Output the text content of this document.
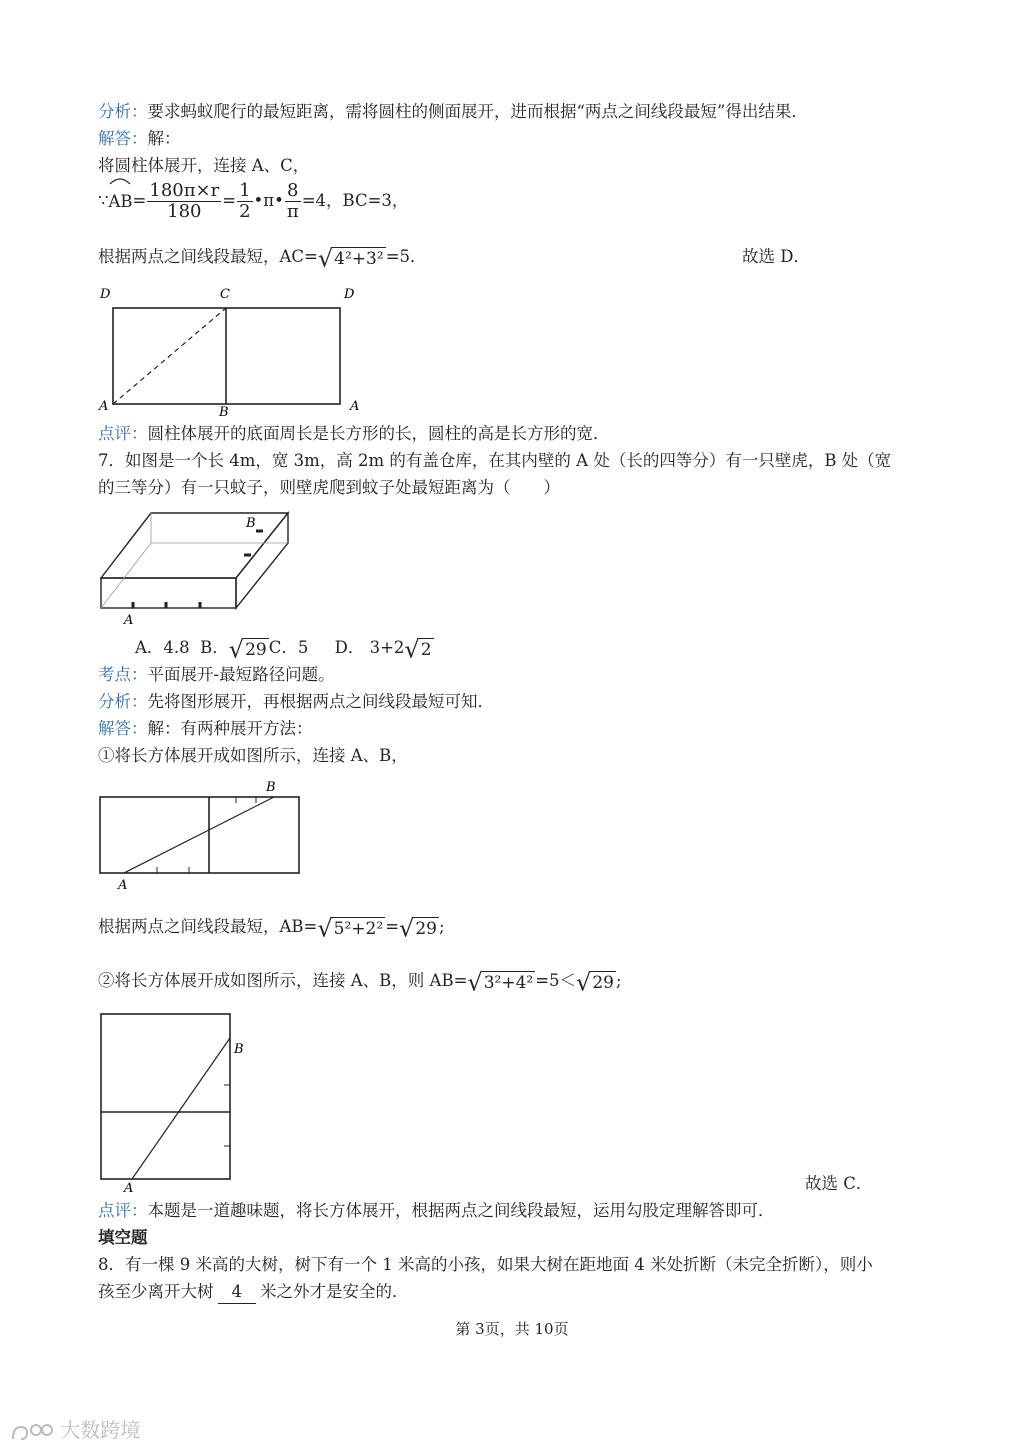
分析：要求蚂蚁爬行的最短距离，需将圆柱的侧面展开，进而根据“两点之间线段最短”得出结果．
解答：解：
将圆柱体展开，连接 A、C，
∵
$AB= \frac{180\pi\times r}{180} = \frac{1}{2}$ •π• $\frac{8}{\pi} =4$，BC=3，
根据两点之间线段最短，AC=√4²+3² =5．	故选 D．
D	C	D
A	B	A
点评：圆柱体展开的底面周长是长方形的长，圆柱的高是长方形的宽．
7．如图是一个长 4m，宽 3m，高 2m 的有盖仓库，在其内壁的 A 处（长的四等分）有一只壁虎，B 处（宽
的三等分）有一只蚊子，则壁虎爬到蚊子处最短距离为（　　）
B
A
A．4.8 B．√29 C．5 D． 3+2√2
考点：平面展开-最短路径问题。
分析：先将图形展开，再根据两点之间线段最短可知．
解答：解：有两种展开方法：
①将长方体展开成如图所示，连接 A、B，
B
A
根据两点之间线段最短，AB=√5²+2² =√29 ;
②将长方体展开成如图所示，连接 A、B，则 AB=√3²+4² =5＜√29 ;
B
A	故选 C．
点评：本题是一道趣味题，将长方体展开，根据两点之间线段最短，运用勾股定理解答即可．
填空题
8．有一棵 9 米高的大树，树下有一个 1 米高的小孩，如果大树在距地面 4 米处折断（未完全折断），则小
孩至少离开大树 4 米之外才是安全的．
第 3页，共 10页
大数跨境
